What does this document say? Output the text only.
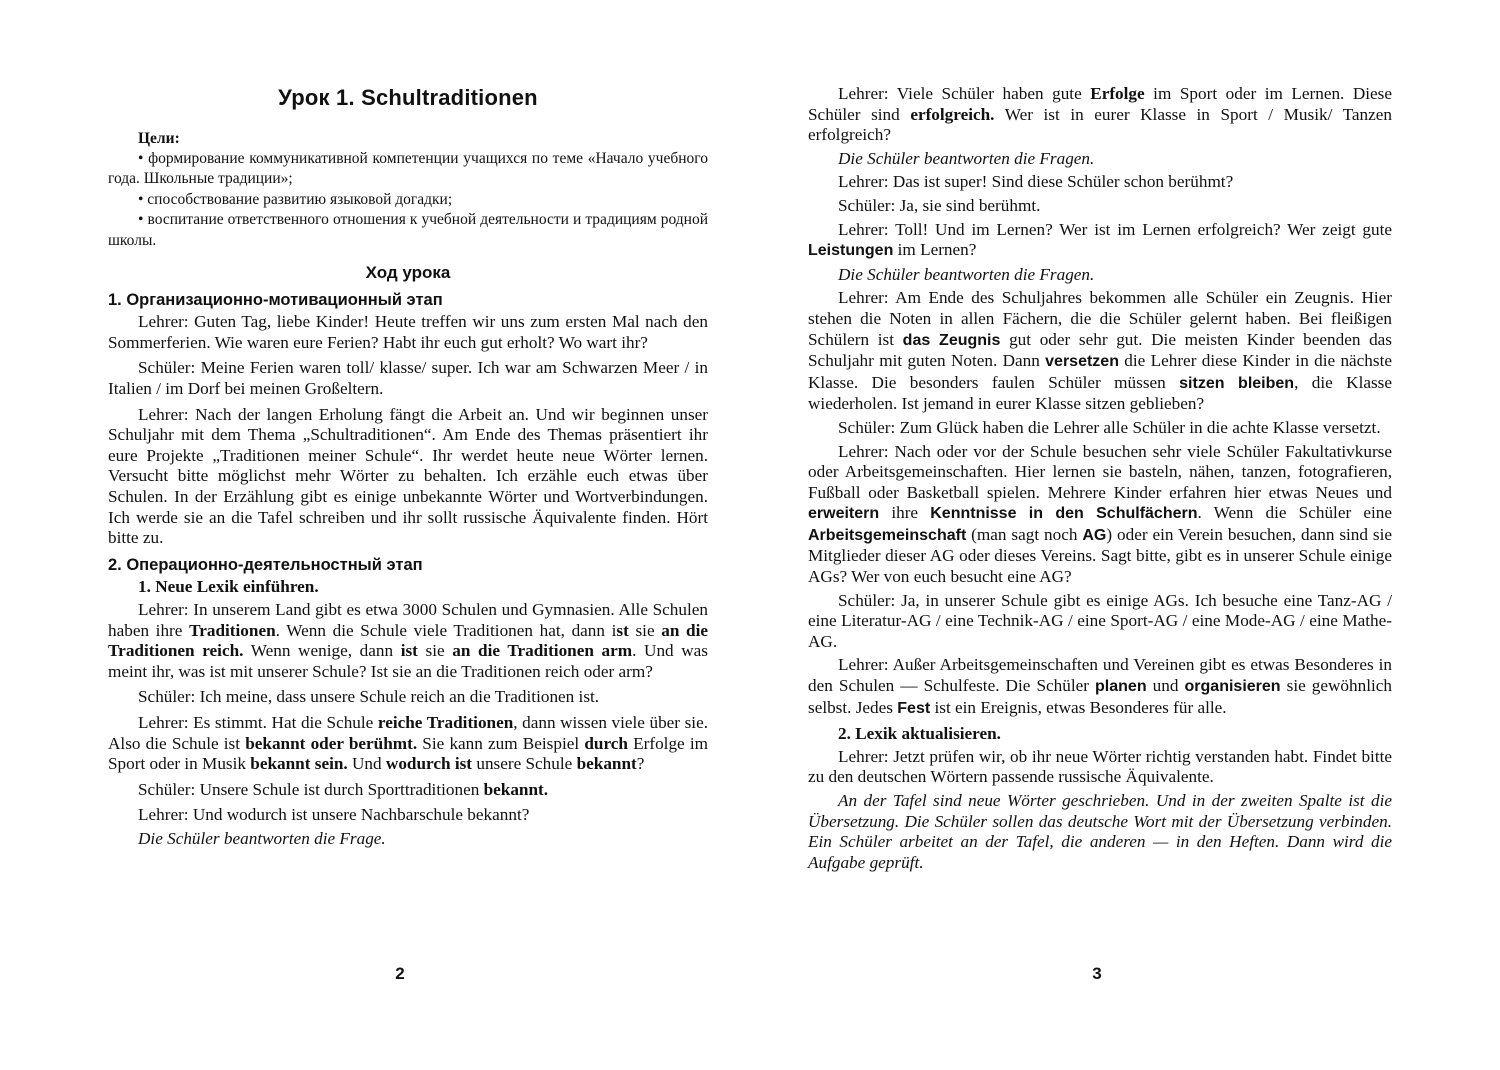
Урок 1. Schultraditionen
Цели:

• формирование коммуникативной компетенции учащихся по теме «Начало учебного года. Школьные традиции»;

• способствование развитию языковой догадки;

• воспитание ответственного отношения к учебной деятельности и традициям родной школы.

Ход урока
1. Организационно-мотивационный этап

Lehrer: Guten Tag, liebe Kinder! Heute treffen wir uns zum ersten Mal nach den Sommerferien. Wie waren eure Ferien? Habt ihr euch gut erholt? Wo wart ihr?

Schüler: Meine Ferien waren toll/ klasse/ super. Ich war am Schwarzen Meer / in Italien / im Dorf bei meinen Großeltern.

Lehrer: Nach der langen Erholung fängt die Arbeit an. Und wir beginnen unser Schuljahr mit dem Thema „Schultraditionen“. Am Ende des Themas präsentiert ihr eure Projekte „Traditionen meiner Schule“. Ihr werdet heute neue Wörter lernen. Versucht bitte möglichst mehr Wörter zu behalten. Ich erzähle euch etwas über Schulen. In der Erzählung gibt es einige unbekannte Wörter und Wortverbindungen. Ich werde sie an die Tafel schreiben und ihr sollt russische Äquivalente finden. Hört bitte zu.

2. Операционно-деятельностный этап
1. Neue Lexik einführen.

Lehrer: In unserem Land gibt es etwa 3000 Schulen und Gymnasien. Alle Schulen haben ihre Traditionen. Wenn die Schule viele Traditionen hat, dann ist sie an die Traditionen reich. Wenn wenige, dann ist sie an die Traditionen arm. Und was meint ihr, was ist mit unserer Schule? Ist sie an die Traditionen reich oder arm?

Schüler: Ich meine, dass unsere Schule reich an die Traditionen ist.

Lehrer: Es stimmt. Hat die Schule reiche Traditionen, dann wissen viele über sie. Also die Schule ist bekannt oder berühmt. Sie kann zum Beispiel durch Erfolge im Sport oder in Musik bekannt sein. Und wodurch ist unsere Schule bekannt?

Schüler: Unsere Schule ist durch Sporttraditionen bekannt.

Lehrer: Und wodurch ist unsere Nachbarschule bekannt?

Die Schüler beantworten die Frage.

Lehrer: Viele Schüler haben gute Erfolge im Sport oder im Lernen. Diese Schüler sind erfolgreich. Wer ist in eurer Klasse in Sport / Musik/ Tanzen erfolgreich?

Die Schüler beantworten die Fragen.

Lehrer: Das ist super! Sind diese Schüler schon berühmt?

Schüler: Ja, sie sind berühmt.

Lehrer: Toll! Und im Lernen? Wer ist im Lernen erfolgreich? Wer zeigt gute Leistungen im Lernen?

Die Schüler beantworten die Fragen.

Lehrer: Am Ende des Schuljahres bekommen alle Schüler ein Zeugnis. Hier stehen die Noten in allen Fächern, die die Schüler gelernt haben. Bei fleißigen Schülern ist das Zeugnis gut oder sehr gut. Die meisten Kinder beenden das Schuljahr mit guten Noten. Dann versetzen die Lehrer diese Kinder in die nächste Klasse. Die besonders faulen Schüler müssen sitzen bleiben, die Klasse wiederholen. Ist jemand in eurer Klasse sitzen geblieben?

Schüler: Zum Glück haben die Lehrer alle Schüler in die achte Klasse versetzt.

Lehrer: Nach oder vor der Schule besuchen sehr viele Schüler Fakultativkurse oder Arbeitsgemeinschaften. Hier lernen sie basteln, nähen, tanzen, fotografieren, Fußball oder Basketball spielen. Mehrere Kinder erfahren hier etwas Neues und erweitern ihre Kenntnisse in den Schulfächern. Wenn die Schüler eine Arbeitsgemeinschaft (man sagt noch AG) oder ein Verein besuchen, dann sind sie Mitglieder dieser AG oder dieses Vereins. Sagt bitte, gibt es in unserer Schule einige AGs? Wer von euch besucht eine AG?

Schüler: Ja, in unserer Schule gibt es einige AGs. Ich besuche eine Tanz-AG / eine Literatur-AG / eine Technik-AG / eine Sport-AG / eine Mode-AG / eine Mathe-AG.

Lehrer: Außer Arbeitsgemeinschaften und Vereinen gibt es etwas Besonderes in den Schulen — Schulfeste. Die Schüler planen und organisieren sie gewöhnlich selbst. Jedes Fest ist ein Ereignis, etwas Besonderes für alle.

2. Lexik aktualisieren.

Lehrer: Jetzt prüfen wir, ob ihr neue Wörter richtig verstanden habt. Findet bitte zu den deutschen Wörtern passende russische Äquivalente.

An der Tafel sind neue Wörter geschrieben. Und in der zweiten Spalte ist die Übersetzung. Die Schüler sollen das deutsche Wort mit der Übersetzung verbinden. Ein Schüler arbeitet an der Tafel, die anderen — in den Heften. Dann wird die Aufgabe geprüft.

2	3
